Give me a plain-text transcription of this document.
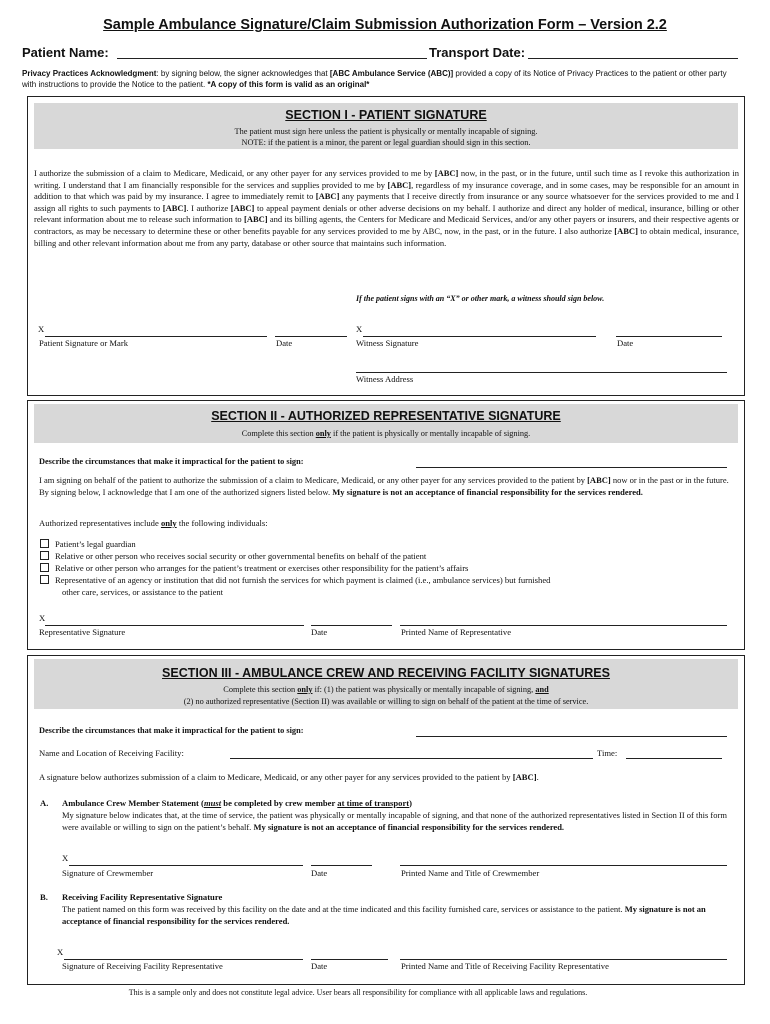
Sample Ambulance Signature/Claim Submission Authorization Form – Version 2.2
Patient Name:	Transport Date:
Privacy Practices Acknowledgment: by signing below, the signer acknowledges that [ABC Ambulance Service (ABC)] provided a copy of its Notice of Privacy Practices to the patient or other party with instructions to provide the Notice to the patient. *A copy of this form is valid as an original*
SECTION I - PATIENT SIGNATURE
The patient must sign here unless the patient is physically or mentally incapable of signing.
NOTE: if the patient is a minor, the parent or legal guardian should sign in this section.
I authorize the submission of a claim to Medicare, Medicaid, or any other payer for any services provided to me by [ABC] now, in the past, or in the future, until such time as I revoke this authorization in writing. I understand that I am financially responsible for the services and supplies provided to me by [ABC], regardless of my insurance coverage, and in some cases, may be responsible for an amount in addition to that which was paid by my insurance. I agree to immediately remit to [ABC] any payments that I receive directly from insurance or any source whatsoever for the services provided to me and I assign all rights to such payments to [ABC]. I authorize [ABC] to appeal payment denials or other adverse decisions on my behalf. I authorize and direct any holder of medical, insurance, billing or other relevant information about me to release such information to [ABC] and its billing agents, the Centers for Medicare and Medicaid Services, and/or any other payers or insurers, and their respective agents or contractors, as may be necessary to determine these or other benefits payable for any services provided to me by ABC, now, in the past, or in the future. I also authorize [ABC] to obtain medical, insurance, billing and other relevant information about me from any party, database or other source that maintains such information.
If the patient signs with an “X” or other mark, a witness should sign below.
X
Patient Signature or Mark	Date
X
Witness Signature	Date
Witness Address
SECTION II - AUTHORIZED REPRESENTATIVE SIGNATURE
Complete this section only if the patient is physically or mentally incapable of signing.
Describe the circumstances that make it impractical for the patient to sign:
I am signing on behalf of the patient to authorize the submission of a claim to Medicare, Medicaid, or any other payer for any services provided to the patient by [ABC] now or in the past or in the future. By signing below, I acknowledge that I am one of the authorized signers listed below. My signature is not an acceptance of financial responsibility for the services rendered.
Authorized representatives include only the following individuals:
Patient’s legal guardian
Relative or other person who receives social security or other governmental benefits on behalf of the patient
Relative or other person who arranges for the patient’s treatment or exercises other responsibility for the patient’s affairs
Representative of an agency or institution that did not furnish the services for which payment is claimed (i.e., ambulance services) but furnished
other care, services, or assistance to the patient
X
Representative Signature	Date	Printed Name of Representative
SECTION III - AMBULANCE CREW AND RECEIVING FACILITY SIGNATURES
Complete this section only if: (1) the patient was physically or mentally incapable of signing, and
(2) no authorized representative (Section II) was available or willing to sign on behalf of the patient at the time of service.
Describe the circumstances that make it impractical for the patient to sign:
Name and Location of Receiving Facility:	Time:
A signature below authorizes submission of a claim to Medicare, Medicaid, or any other payer for any services provided to the patient by [ABC].
A. Ambulance Crew Member Statement (must be completed by crew member at time of transport)
My signature below indicates that, at the time of service, the patient was physically or mentally incapable of signing, and that none of the authorized representatives listed in Section II of this form were available or willing to sign on the patient’s behalf. My signature is not an acceptance of financial responsibility for the services rendered.
X
Signature of Crewmember	Date	Printed Name and Title of Crewmember
B. Receiving Facility Representative Signature
The patient named on this form was received by this facility on the date and at the time indicated and this facility furnished care, services or assistance to the patient. My signature is not an acceptance of financial responsibility for the services rendered.
X
Signature of Receiving Facility Representative	Date	Printed Name and Title of Receiving Facility Representative
This is a sample only and does not constitute legal advice. User bears all responsibility for compliance with all applicable laws and regulations.
